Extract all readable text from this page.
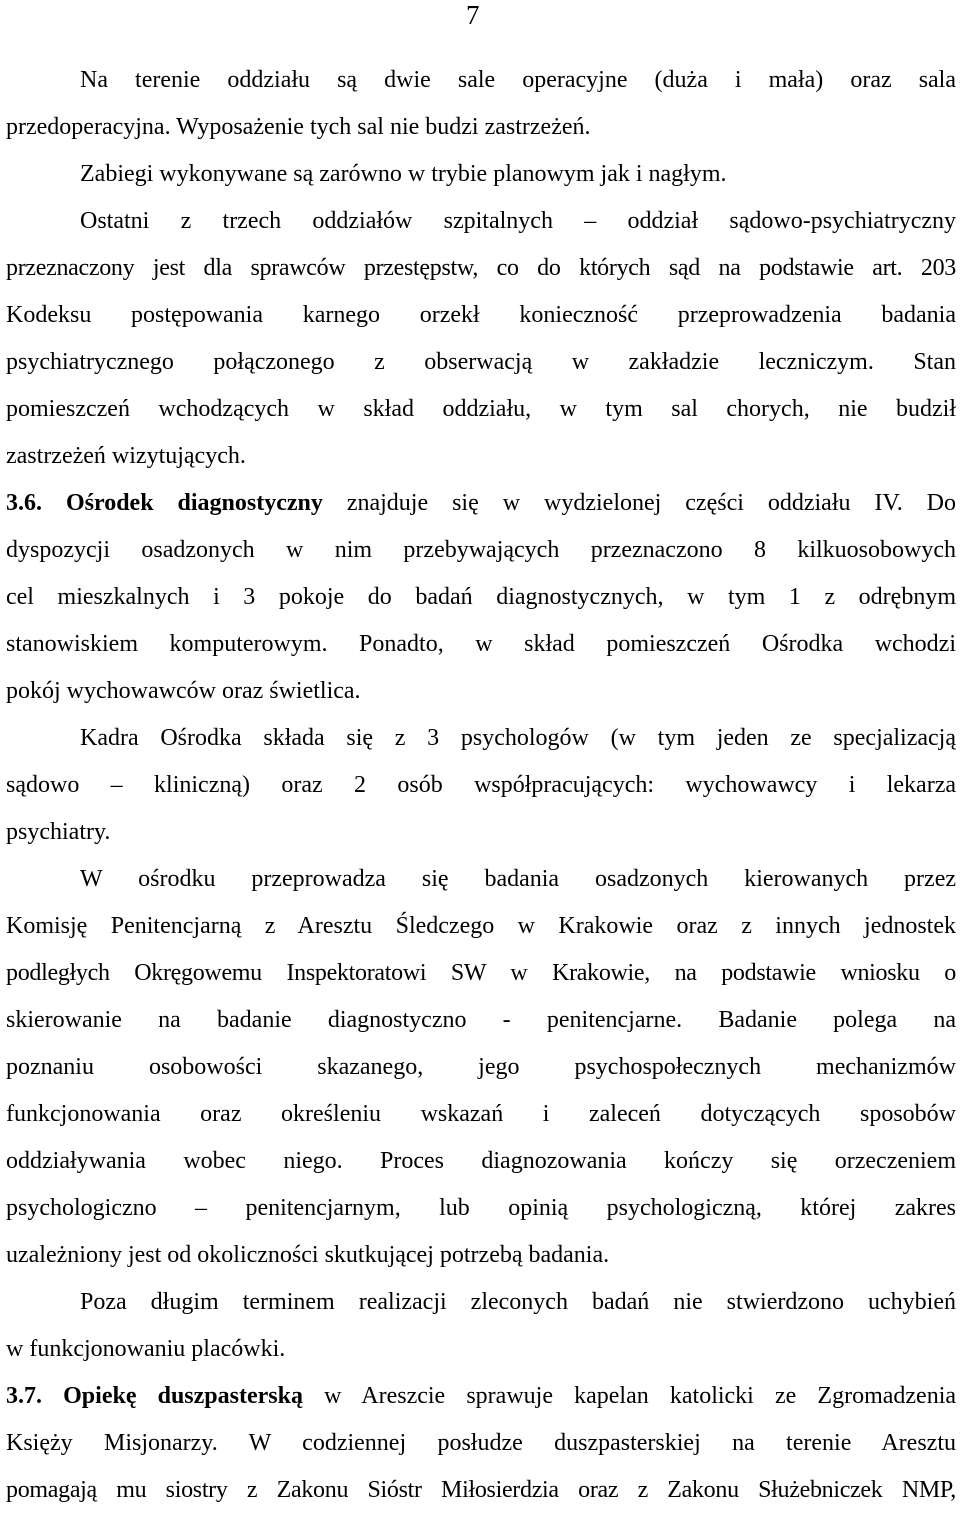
7
Na terenie oddziału są dwie sale operacyjne (duża i mała) oraz sala
przedoperacyjna. Wyposażenie tych sal nie budzi zastrzeżeń.
Zabiegi wykonywane są zarówno w trybie planowym jak i nagłym.
Ostatni z trzech oddziałów szpitalnych – oddział sądowo-psychiatryczny
przeznaczony jest dla sprawców przestępstw, co do których sąd na podstawie art. 203
Kodeksu postępowania karnego orzekł konieczność przeprowadzenia badania
psychiatrycznego połączonego z obserwacją w zakładzie leczniczym. Stan
pomieszczeń wchodzących w skład oddziału, w tym sal chorych, nie budził
zastrzeżeń wizytujących.
3.6. Ośrodek diagnostyczny znajduje się w wydzielonej części oddziału IV. Do
dyspozycji osadzonych w nim przebywających przeznaczono 8 kilkuosobowych
cel mieszkalnych i 3 pokoje do badań diagnostycznych, w tym 1 z odrębnym
stanowiskiem komputerowym. Ponadto, w skład pomieszczeń Ośrodka wchodzi
pokój wychowawców oraz świetlica.
Kadra Ośrodka składa się z 3 psychologów (w tym jeden ze specjalizacją
sądowo – kliniczną) oraz 2 osób współpracujących: wychowawcy i lekarza
psychiatry.
W ośrodku przeprowadza się badania osadzonych kierowanych przez
Komisję Penitencjarną z Aresztu Śledczego w Krakowie oraz z innych jednostek
podległych Okręgowemu Inspektoratowi SW w Krakowie, na podstawie wniosku o
skierowanie na badanie diagnostyczno - penitencjarne. Badanie polega na
poznaniu osobowości skazanego, jego psychospołecznych mechanizmów
funkcjonowania oraz określeniu wskazań i zaleceń dotyczących sposobów
oddziaływania wobec niego. Proces diagnozowania kończy się orzeczeniem
psychologiczno – penitencjarnym, lub opinią psychologiczną, której zakres
uzależniony jest od okoliczności skutkującej potrzebą badania.
Poza długim terminem realizacji zleconych badań nie stwierdzono uchybień
w funkcjonowaniu placówki.
3.7. Opiekę duszpasterską w Areszcie sprawuje kapelan katolicki ze Zgromadzenia
Księży Misjonarzy. W codziennej posłudze duszpasterskiej na terenie Aresztu
pomagają mu siostry z Zakonu Sióstr Miłosierdzia oraz z Zakonu Służebniczek NMP,
